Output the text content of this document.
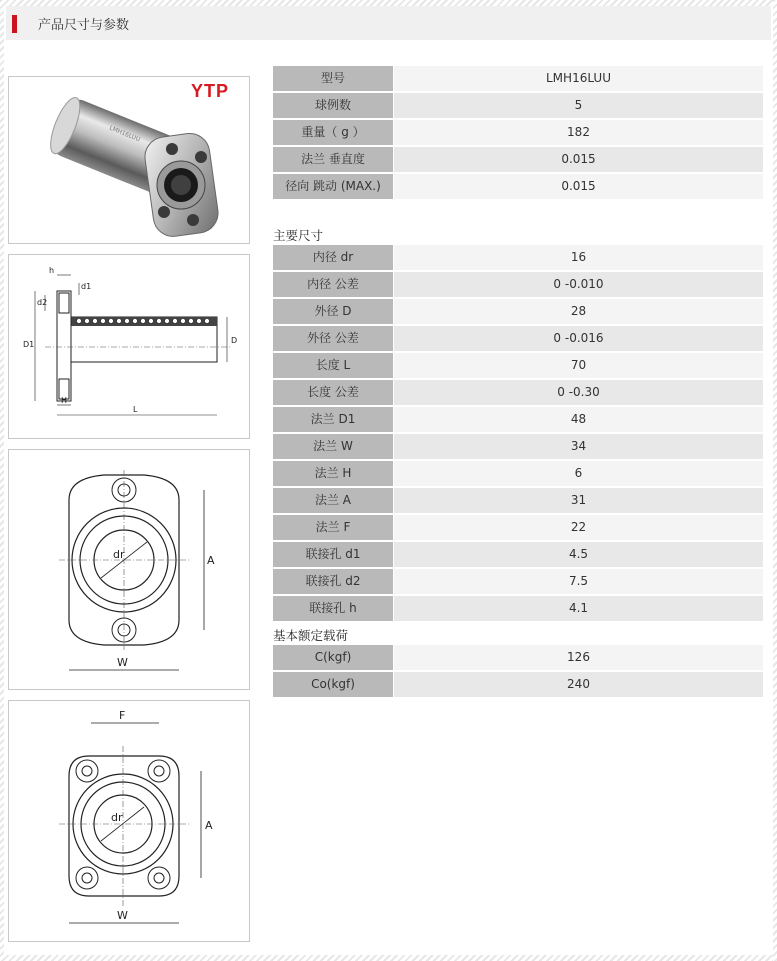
产品尺寸与参数
LMH16LUU
YTP
h
d1
d2
D1	D
H
L
dr	A
W
F
dr
A
W
型号	LMH16LUU
球例数	5
重量（ g ）	182
法兰 垂直度	0.015
径向 跳动 (MAX.)	0.015
主要尺寸
内径 dr	16
内径 公差	0 -0.010
外径 D	28
外径 公差	0 -0.016
长度 L	70
长度 公差	0 -0.30
法兰 D1	48
法兰 W	34
法兰 H	6
法兰 A	31
法兰 F	22
联接孔 d1	4.5
联接孔 d2	7.5
联接孔 h	4.1
基本额定载荷
C(kgf)	126
Co(kgf)	240
